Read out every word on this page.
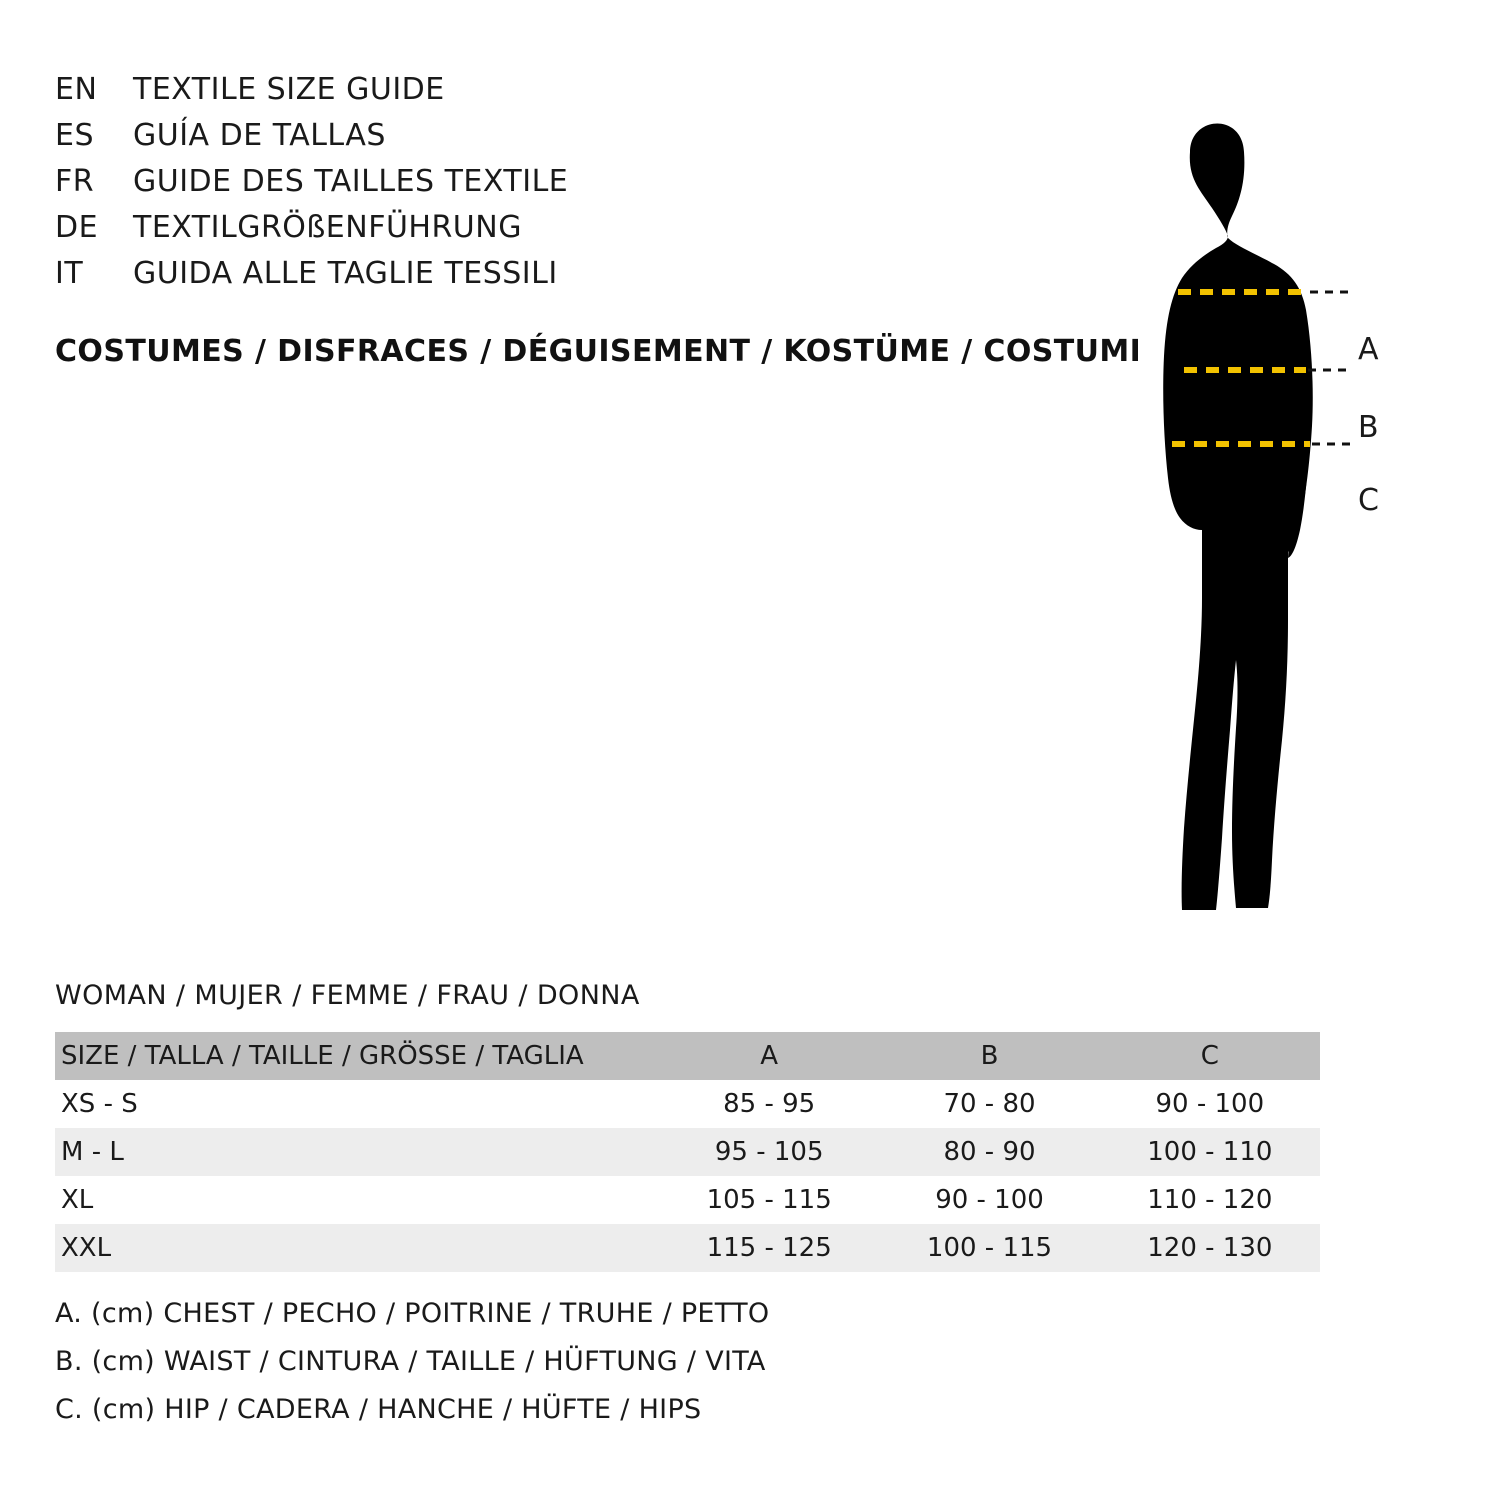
EN	TEXTILE SIZE GUIDE
ES	GUÍA DE TALLAS
FR	GUIDE DES TAILLES TEXTILE
DE	TEXTILGRÖßENFÜHRUNG
IT	GUIDA ALLE TAGLIE TESSILI
COSTUMES / DISFRACES / DÉGUISEMENT / KOSTÜME / COSTUMI	A
B
C
WOMAN / MUJER / FEMME / FRAU / DONNA
SIZE / TALLA / TAILLE / GRÖSSE / TAGLIA	A	B	C
XS - S	85 - 95	70 - 80	90 - 100
M - L	95 - 105	80 - 90	100 - 110
XL	105 - 115	90 - 100	110 - 120
XXL	115 - 125	100 - 115	120 - 130
A. (cm) CHEST / PECHO / POITRINE / TRUHE / PETTO
B. (cm) WAIST / CINTURA / TAILLE / HÜFTUNG / VITA
C. (cm) HIP / CADERA / HANCHE / HÜFTE / HIPS
